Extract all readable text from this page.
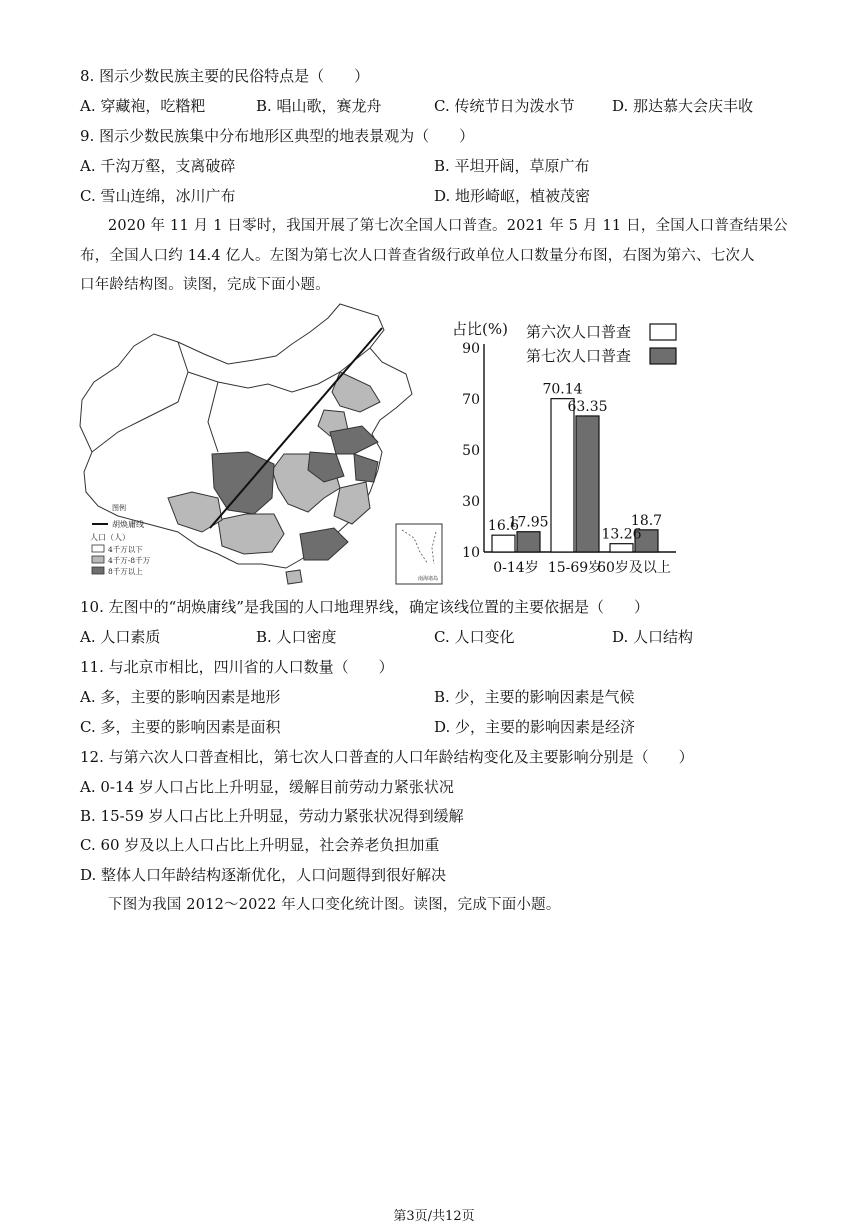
8. 图示少数民族主要的民俗特点是（　　）
A. 穿藏袍，吃糌粑	B. 唱山歌，赛龙舟	C. 传统节日为泼水节	D. 那达慕大会庆丰收
9. 图示少数民族集中分布地形区典型的地表景观为（　　）
A. 千沟万壑，支离破碎	B. 平坦开阔，草原广布
C. 雪山连绵，冰川广布	D. 地形崎岖，植被茂密
2020 年 11 月 1 日零时，我国开展了第七次全国人口普查。2021 年 5 月 11 日，全国人口普查结果公
布，全国人口约 14.4 亿人。左图为第七次人口普查省级行政单位人口数量分布图，右图为第六、七次人
口年龄结构图。读图，完成下面小题。
图例
胡焕庸线
人口（人）
4千万以下
4千万-8千万
8千万以上
南海诸岛
占比(%)
90
70
50
30
10
16.6
17.95
0-14岁
70.14
63.35
15-69岁
13.26
18.7
60岁及以上
第六次人口普查
第七次人口普查
10. 左图中的“胡焕庸线”是我国的人口地理界线，确定该线位置的主要依据是（　　）
A. 人口素质	B. 人口密度	C. 人口变化	D. 人口结构
11. 与北京市相比，四川省的人口数量（　　）
A. 多，主要的影响因素是地形	B. 少，主要的影响因素是气候
C. 多，主要的影响因素是面积	D. 少，主要的影响因素是经济
12. 与第六次人口普查相比，第七次人口普查的人口年龄结构变化及主要影响分别是（　　）
A. 0-14 岁人口占比上升明显，缓解目前劳动力紧张状况
B. 15-59 岁人口占比上升明显，劳动力紧张状况得到缓解
C. 60 岁及以上人口占比上升明显，社会养老负担加重
D. 整体人口年龄结构逐渐优化，人口问题得到很好解决
下图为我国 2012～2022 年人口变化统计图。读图，完成下面小题。
第3页/共12页
